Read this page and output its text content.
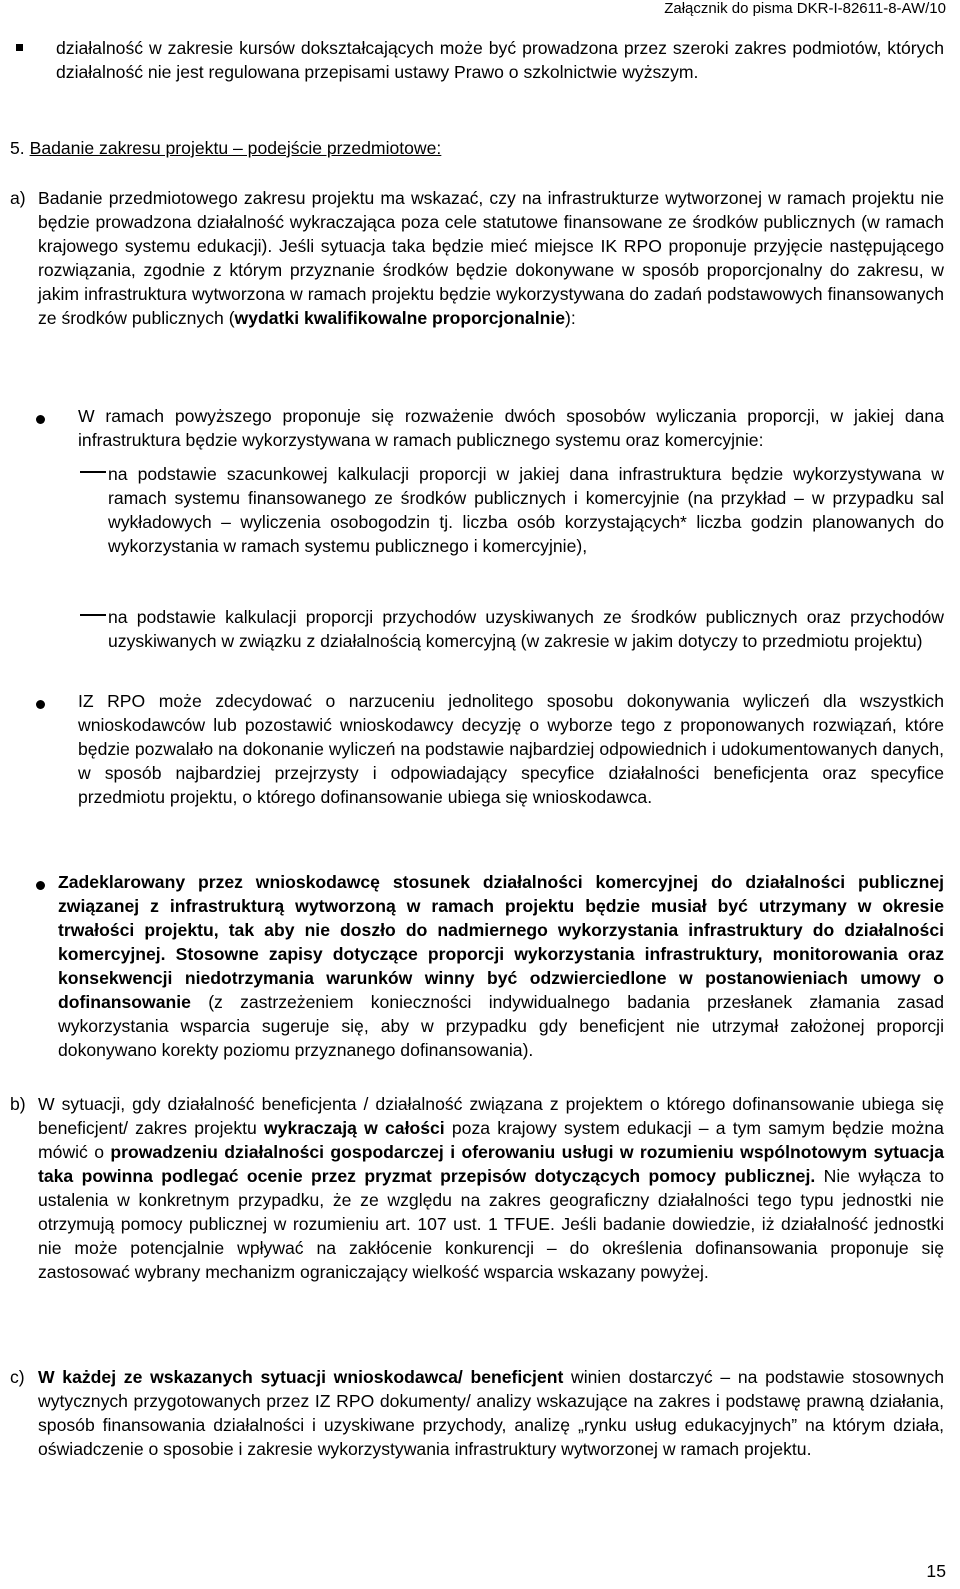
Załącznik do pisma DKR-I-82611-8-AW/10

działalność w zakresie kursów dokształcających może być prowadzona przez szeroki zakres podmiotów, których działalność nie jest regulowana przepisami ustawy Prawo o szkolnictwie wyższym.

5. Badanie zakresu projektu – podejście przedmiotowe:
a) Badanie przedmiotowego zakresu projektu ma wskazać, czy na infrastrukturze wytworzonej w ramach projektu nie będzie prowadzona działalność wykraczająca poza cele statutowe finansowane ze środków publicznych (w ramach krajowego systemu edukacji). Jeśli sytuacja taka będzie mieć miejsce IK RPO proponuje przyjęcie następującego rozwiązania, zgodnie z którym przyznanie środków będzie dokonywane w sposób proporcjonalny do zakresu, w jakim infrastruktura wytworzona w ramach projektu będzie wykorzystywana do zadań podstawowych finansowanych ze środków publicznych (wydatki kwalifikowalne proporcjonalnie):

W ramach powyższego proponuje się rozważenie dwóch sposobów wyliczania proporcji, w jakiej dana infrastruktura będzie wykorzystywana w ramach publicznego systemu oraz komercyjnie:

na podstawie szacunkowej kalkulacji proporcji w jakiej dana infrastruktura będzie wykorzystywana w ramach systemu finansowanego ze środków publicznych i komercyjnie (na przykład – w przypadku sal wykładowych – wyliczenia osobogodzin tj. liczba osób korzystających* liczba godzin planowanych do wykorzystania w ramach systemu publicznego i komercyjnie),

na podstawie kalkulacji proporcji przychodów uzyskiwanych ze środków publicznych oraz przychodów uzyskiwanych w związku z działalnością komercyjną (w zakresie w jakim dotyczy to przedmiotu projektu)

IZ RPO może zdecydować o narzuceniu jednolitego sposobu dokonywania wyliczeń dla wszystkich wnioskodawców lub pozostawić wnioskodawcy decyzję o wyborze tego z proponowanych rozwiązań, które będzie pozwalało na dokonanie wyliczeń na podstawie najbardziej odpowiednich i udokumentowanych danych, w sposób najbardziej przejrzysty i odpowiadający specyfice działalności beneficjenta oraz specyfice przedmiotu projektu, o którego dofinansowanie ubiega się wnioskodawca.

Zadeklarowany przez wnioskodawcę stosunek działalności komercyjnej do działalności publicznej związanej z infrastrukturą wytworzoną w ramach projektu będzie musiał być utrzymany w okresie trwałości projektu, tak aby nie doszło do nadmiernego wykorzystania infrastruktury do działalności komercyjnej. Stosowne zapisy dotyczące proporcji wykorzystania infrastruktury, monitorowania oraz konsekwencji niedotrzymania warunków winny być odzwierciedlone w postanowieniach umowy o dofinansowanie (z zastrzeżeniem konieczności indywidualnego badania przesłanek złamania zasad wykorzystania wsparcia sugeruje się, aby w przypadku gdy beneficjent nie utrzymał założonej proporcji dokonywano korekty poziomu przyznanego dofinansowania).

b) W sytuacji, gdy działalność beneficjenta / działalność związana z projektem o którego dofinansowanie ubiega się beneficjent/ zakres projektu wykraczają w całości poza krajowy system edukacji – a tym samym będzie można mówić o prowadzeniu działalności gospodarczej i oferowaniu usługi w rozumieniu wspólnotowym sytuacja taka powinna podlegać ocenie przez pryzmat przepisów dotyczących pomocy publicznej. Nie wyłącza to ustalenia w konkretnym przypadku, że ze względu na zakres geograficzny działalności tego typu jednostki nie otrzymują pomocy publicznej w rozumieniu art. 107 ust. 1 TFUE. Jeśli badanie dowiedzie, iż działalność jednostki nie może potencjalnie wpływać na zakłócenie konkurencji – do określenia dofinansowania proponuje się zastosować wybrany mechanizm ograniczający wielkość wsparcia wskazany powyżej.

c) W każdej ze wskazanych sytuacji wnioskodawca/ beneficjent winien dostarczyć – na podstawie stosownych wytycznych przygotowanych przez IZ RPO dokumenty/ analizy wskazujące na zakres i podstawę prawną działania, sposób finansowania działalności i uzyskiwane przychody, analizę „rynku usług edukacyjnych” na którym działa, oświadczenie o sposobie i zakresie wykorzystywania infrastruktury wytworzonej w ramach projektu.

15
